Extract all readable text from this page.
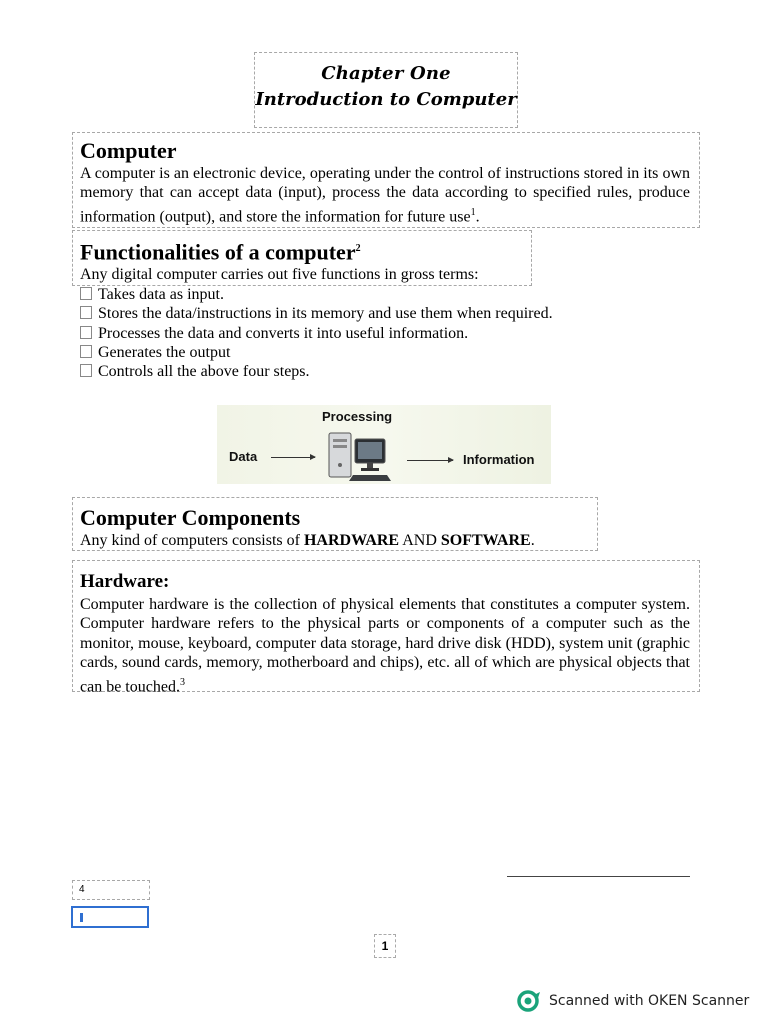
Chapter One
Introduction to Computer
Computer

A computer is an electronic device, operating under the control of instructions stored in its own memory that can accept data (input), process the data according to specified rules, produce information (output), and store the information for future use$^1$.

Functionalities of a computer$^2$

Any digital computer carries out five functions in gross terms:

Takes data as input.
Stores the data/instructions in its memory and use them when required.
Processes the data and converts it into useful information.
Generates the output
Controls all the above four steps.
Processing
Data	Information
Computer Components

Any kind of computers consists of HARDWARE AND SOFTWARE.

Hardware:

Computer hardware is the collection of physical elements that constitutes a computer system. Computer hardware refers to the physical parts or components of a computer such as the monitor, mouse, keyboard, computer data storage, hard drive disk (HDD), system unit (graphic cards, sound cards, memory, motherboard and chips), etc. all of which are physical objects that can be touched.$^3$

4
1
Scanned with OKEN Scanner
